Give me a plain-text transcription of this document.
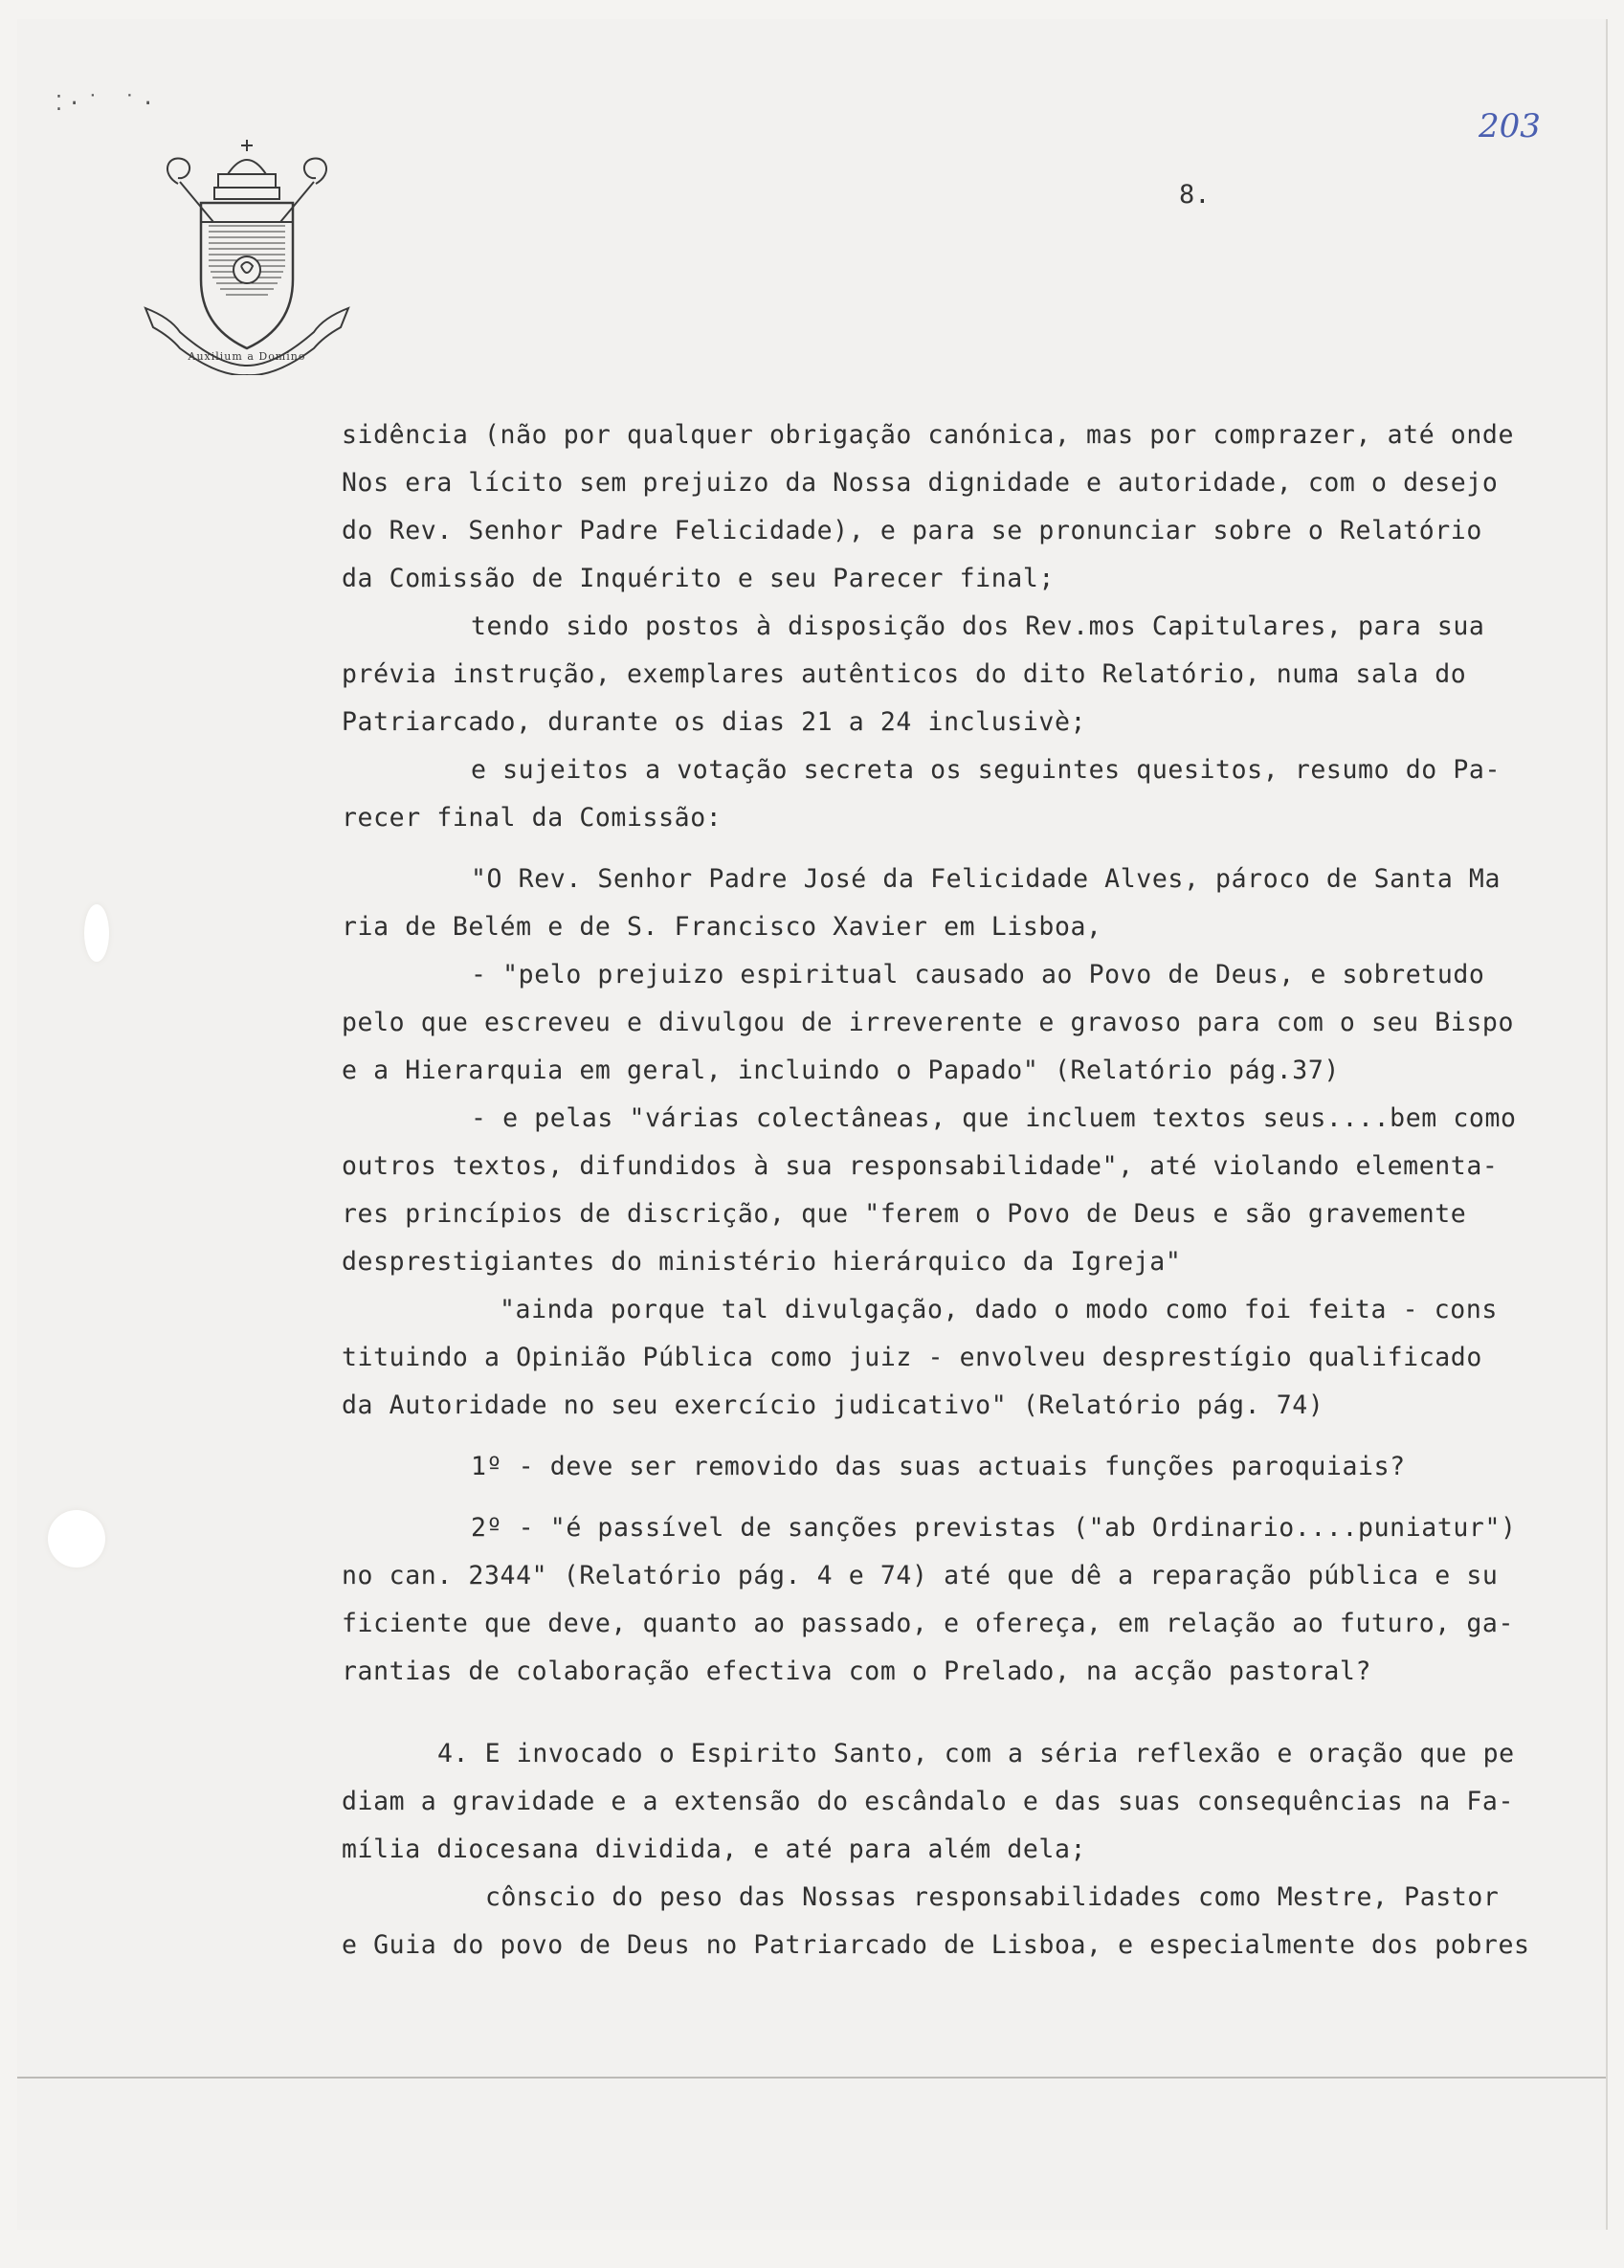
⁚·˙ ˙·
203
8.
Auxilium a Domino
sidência (não por qualquer obrigação canónica, mas por comprazer, até onde
Nos era lícito sem prejuizo da Nossa dignidade e autoridade, com o desejo
do Rev. Senhor Padre Felicidade), e para se pronunciar sobre o Relatório
da Comissão de Inquérito e seu Parecer final;
tendo sido postos à disposição dos Rev.mos Capitulares, para sua
prévia instrução, exemplares autênticos do dito Relatório, numa sala do
Patriarcado, durante os dias 21 a 24 inclusivè;
e sujeitos a votação secreta os seguintes quesitos, resumo do Pa-
recer final da Comissão:
"O Rev. Senhor Padre José da Felicidade Alves, pároco de Santa Ma
ria de Belém e de S. Francisco Xavier em Lisboa,
- "pelo prejuizo espiritual causado ao Povo de Deus, e sobretudo
pelo que escreveu e divulgou de irreverente e gravoso para com o seu Bispo
e a Hierarquia em geral, incluindo o Papado" (Relatório pág.37)
- e pelas "várias colectâneas, que incluem textos seus....bem como
outros textos, difundidos à sua responsabilidade", até violando elementa-
res princípios de discrição, que "ferem o Povo de Deus e são gravemente
desprestigiantes do ministério hierárquico da Igreja"
"ainda porque tal divulgação, dado o modo como foi feita - cons
tituindo a Opinião Pública como juiz - envolveu desprestígio qualificado
da Autoridade no seu exercício judicativo" (Relatório pág. 74)
1º - deve ser removido das suas actuais funções paroquiais?
2º - "é passível de sanções previstas ("ab Ordinario....puniatur")
no can. 2344" (Relatório pág. 4 e 74) até que dê a reparação pública e su
ficiente que deve, quanto ao passado, e ofereça, em relação ao futuro, ga-
rantias de colaboração efectiva com o Prelado, na acção pastoral?
4. E invocado o Espirito Santo, com a séria reflexão e oração que pe
diam a gravidade e a extensão do escândalo e das suas consequências na Fa-
mília diocesana dividida, e até para além dela;
cônscio do peso das Nossas responsabilidades como Mestre, Pastor
e Guia do povo de Deus no Patriarcado de Lisboa, e especialmente dos pobres
